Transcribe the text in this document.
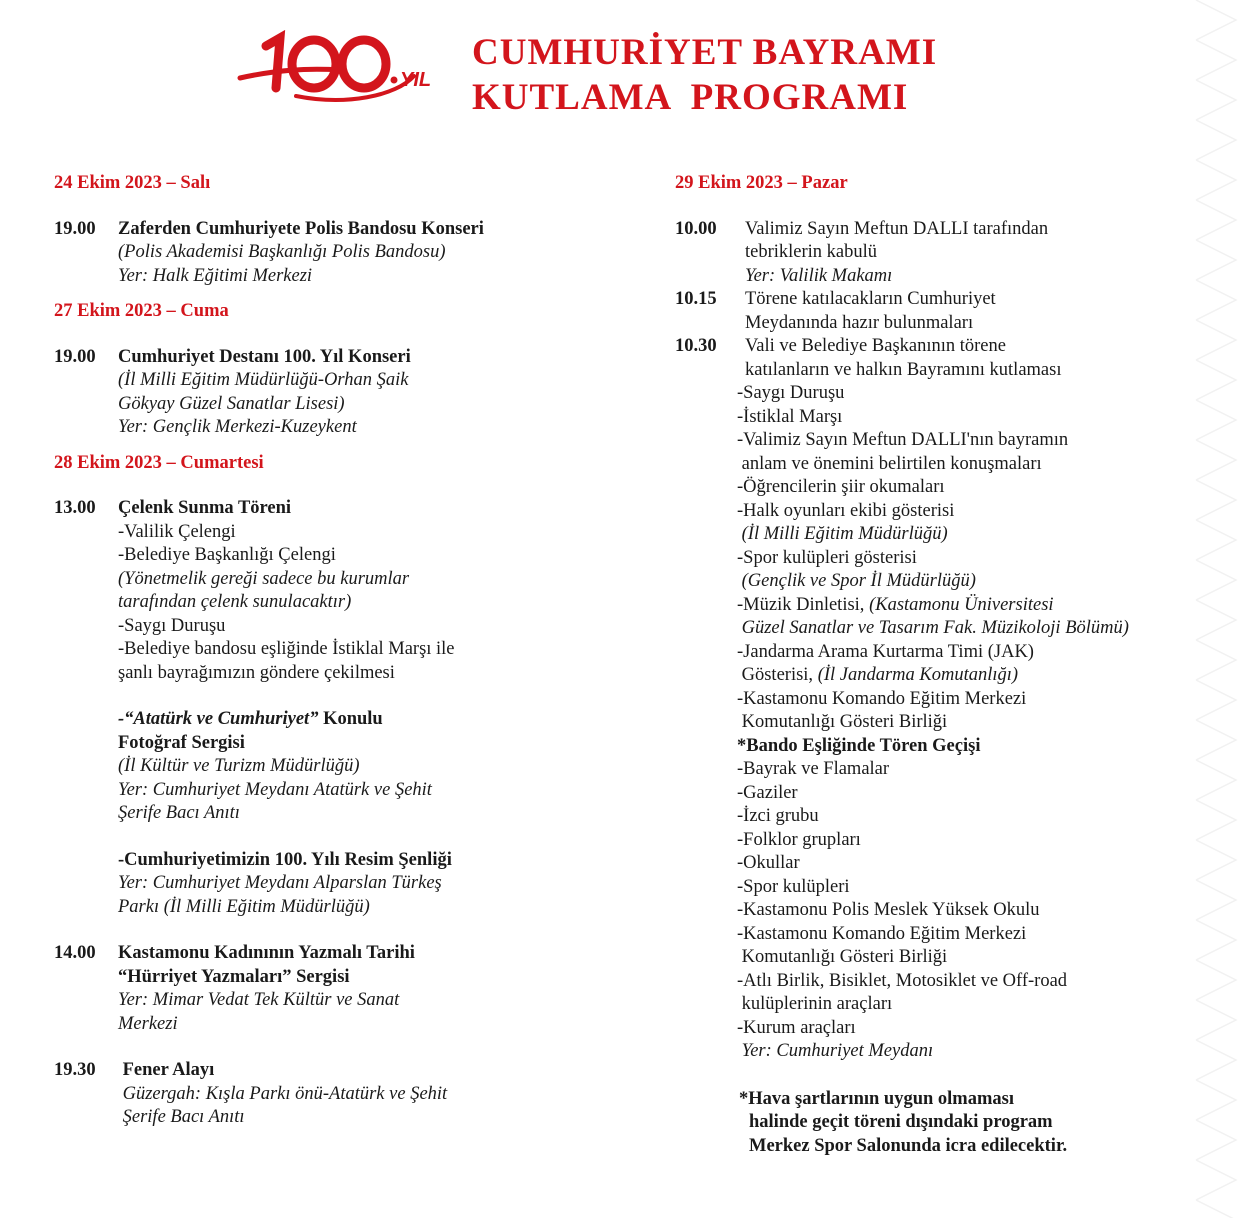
YIL
CUMHURİYET BAYRAMI
KUTLAMA  PROGRAMI
24 Ekim 2023 – Salı
19.00	Zaferden Cumhuriyete Polis Bandosu Konseri
(Polis Akademisi Başkanlığı Polis Bandosu)
Yer: Halk Eğitimi Merkezi
27 Ekim 2023 – Cuma
19.00	Cumhuriyet Destanı 100. Yıl Konseri
(İl Milli Eğitim Müdürlüğü-Orhan Şaik
Gökyay Güzel Sanatlar Lisesi)
Yer: Gençlik Merkezi-Kuzeykent
28 Ekim 2023 – Cumartesi
13.00	Çelenk Sunma Töreni
-Valilik Çelengi
-Belediye Başkanlığı Çelengi
(Yönetmelik gereği sadece bu kurumlar
tarafından çelenk sunulacaktır)
-Saygı Duruşu
-Belediye bandosu eşliğinde İstiklal Marşı ile
şanlı bayrağımızın göndere çekilmesi
-“Atatürk ve Cumhuriyet” Konulu
Fotoğraf Sergisi
(İl Kültür ve Turizm Müdürlüğü)
Yer: Cumhuriyet Meydanı Atatürk ve Şehit
Şerife Bacı Anıtı
-Cumhuriyetimizin 100. Yılı Resim Şenliği
Yer: Cumhuriyet Meydanı Alparslan Türkeş
Parkı (İl Milli Eğitim Müdürlüğü)
14.00	Kastamonu Kadınının Yazmalı Tarihi
“Hürriyet Yazmaları” Sergisi
Yer: Mimar Vedat Tek Kültür ve Sanat
Merkezi
19.30	Fener Alayı
Güzergah: Kışla Parkı önü-Atatürk ve Şehit
Şerife Bacı Anıtı
29 Ekim 2023 – Pazar
10.00	Valimiz Sayın Meftun DALLI tarafından
tebriklerin kabulü
Yer: Valilik Makamı
10.15	Törene katılacakların Cumhuriyet
Meydanında hazır bulunmaları
10.30	Vali ve Belediye Başkanının törene
katılanların ve halkın Bayramını kutlaması
-Saygı Duruşu
-İstiklal Marşı
-Valimiz Sayın Meftun DALLI'nın bayramın
anlam ve önemini belirtilen konuşmaları
-Öğrencilerin şiir okumaları
-Halk oyunları ekibi gösterisi
(İl Milli Eğitim Müdürlüğü)
-Spor kulüpleri gösterisi
(Gençlik ve Spor İl Müdürlüğü)
-Müzik Dinletisi, (Kastamonu Üniversitesi
Güzel Sanatlar ve Tasarım Fak. Müzikoloji Bölümü)
-Jandarma Arama Kurtarma Timi (JAK)
Gösterisi, (İl Jandarma Komutanlığı)
-Kastamonu Komando Eğitim Merkezi
Komutanlığı Gösteri Birliği
*Bando Eşliğinde Tören Geçişi
-Bayrak ve Flamalar
-Gaziler
-İzci grubu
-Folklor grupları
-Okullar
-Spor kulüpleri
-Kastamonu Polis Meslek Yüksek Okulu
-Kastamonu Komando Eğitim Merkezi
Komutanlığı Gösteri Birliği
-Atlı Birlik, Bisiklet, Motosiklet ve Off-road
kulüplerinin araçları
-Kurum araçları
Yer: Cumhuriyet Meydanı
*Hava şartlarının uygun olmaması
halinde geçit töreni dışındaki program
Merkez Spor Salonunda icra edilecektir.
